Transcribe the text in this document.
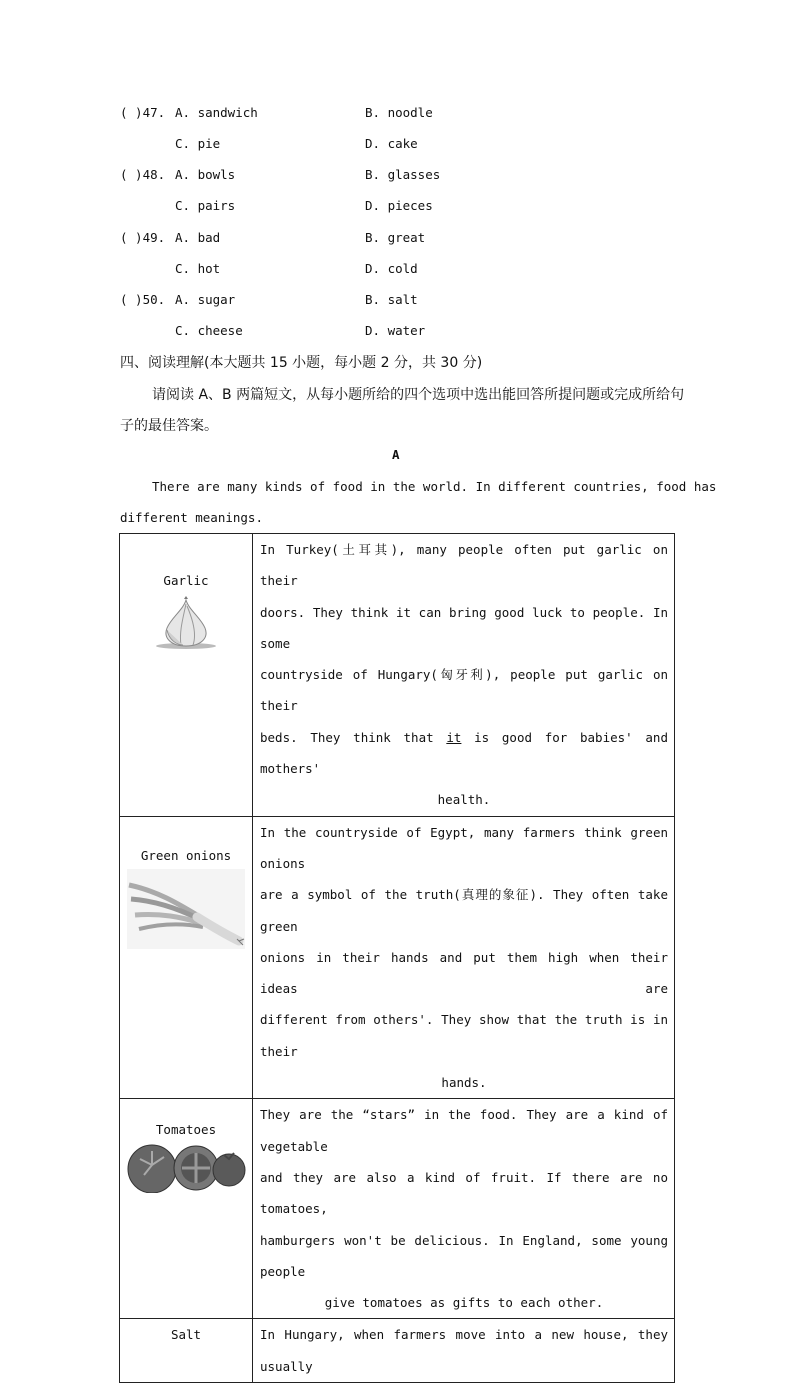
( )47. A. sandwich	B. noodle
C. pie	D. cake
( )48. A. bowls	B. glasses
C. pairs	D. pieces
( )49. A. bad	B. great
C. hot	D. cold
( )50. A. sugar	B. salt
C. cheese	D. water
四、阅读理解(本大题共 15 小题，每小题 2 分，共 30 分)
请阅读 A、B 两篇短文，从每小题所给的四个选项中选出能回答所提问题或完成所给句
子的最佳答案。
A
There are many kinds of food in the world. In different countries, food has
different meanings.
Garlic	In Turkey(土耳其), many people often put garlic on their
doors. They think it can bring good luck to people. In some
countryside of Hungary(匈牙利), people put garlic on their
beds. They think that it is good for babies' and mothers'
health.

Green onions	In the countryside of Egypt, many farmers think green onions
are a symbol of the truth(真理的象征). They often take green
onions in their hands and put them high when their ideas are
different from others'. They show that the truth is in their
hands.

Tomatoes	They are the “stars” in the food. They are a kind of vegetable
and they are also a kind of fruit. If there are no tomatoes,
hamburgers won't be delicious. In England, some young people
give tomatoes as gifts to each other.

Salt	In Hungary, when farmers move into a new house, they usually
